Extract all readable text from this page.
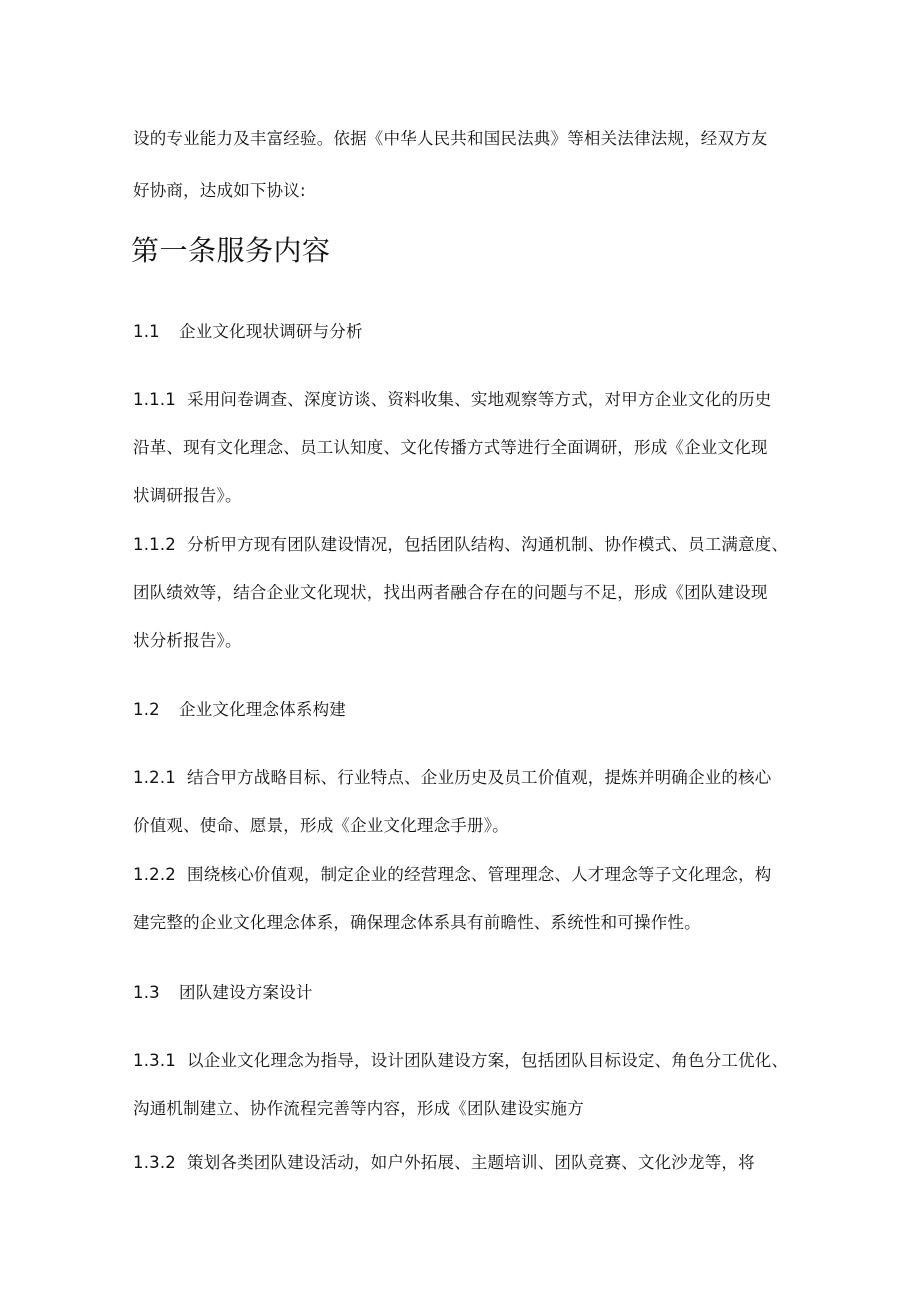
设的专业能力及丰富经验。依据《中华人民共和国民法典》等相关法律法规，经双方友
好协商，达成如下协议:
第一条服务内容
1.1 企业文化现状调研与分析
1.1.1 采用问卷调查、深度访谈、资料收集、实地观察等方式，对甲方企业文化的历史
沿革、现有文化理念、员工认知度、文化传播方式等进行全面调研，形成《企业文化现
状调研报告》。
1.1.2 分析甲方现有团队建设情况，包括团队结构、沟通机制、协作模式、员工满意度、
团队绩效等，结合企业文化现状，找出两者融合存在的问题与不足，形成《团队建设现
状分析报告》。
1.2 企业文化理念体系构建
1.2.1 结合甲方战略目标、行业特点、企业历史及员工价值观，提炼并明确企业的核心
价值观、使命、愿景，形成《企业文化理念手册》。
1.2.2 围绕核心价值观，制定企业的经营理念、管理理念、人才理念等子文化理念，构
建完整的企业文化理念体系，确保理念体系具有前瞻性、系统性和可操作性。
1.3 团队建设方案设计
1.3.1 以企业文化理念为指导，设计团队建设方案，包括团队目标设定、角色分工优化、
沟通机制建立、协作流程完善等内容，形成《团队建设实施方
1.3.2 策划各类团队建设活动，如户外拓展、主题培训、团队竞赛、文化沙龙等，将
